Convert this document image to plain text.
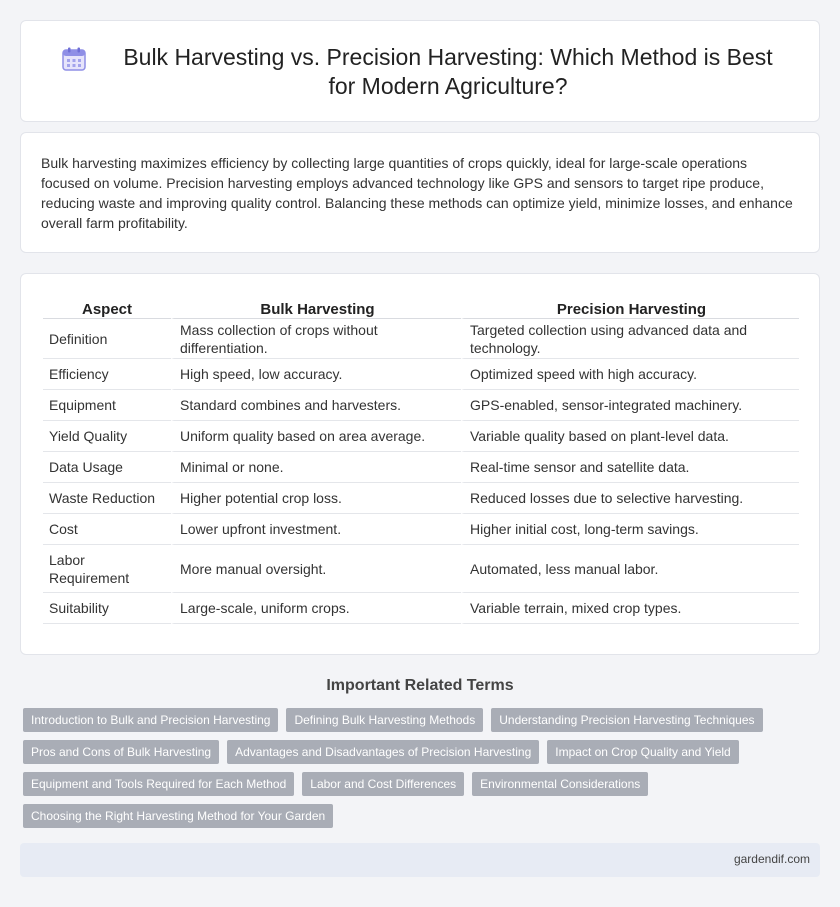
Bulk Harvesting vs. Precision Harvesting: Which Method is Best for Modern Agriculture?

Bulk harvesting maximizes efficiency by collecting large quantities of crops quickly, ideal for large-scale operations focused on volume. Precision harvesting employs advanced technology like GPS and sensors to target ripe produce, reducing waste and improving quality control. Balancing these methods can optimize yield, minimize losses, and enhance overall farm profitability.

Aspect	Bulk Harvesting	Precision Harvesting
Definition	Mass collection of crops without differentiation.	Targeted collection using advanced data and technology.
Efficiency	High speed, low accuracy.	Optimized speed with high accuracy.
Equipment	Standard combines and harvesters.	GPS-enabled, sensor-integrated machinery.
Yield Quality	Uniform quality based on area average.	Variable quality based on plant-level data.
Data Usage	Minimal or none.	Real-time sensor and satellite data.
Waste Reduction	Higher potential crop loss.	Reduced losses due to selective harvesting.
Cost	Lower upfront investment.	Higher initial cost, long-term savings.
Labor Requirement	More manual oversight.	Automated, less manual labor.
Suitability	Large-scale, uniform crops.	Variable terrain, mixed crop types.
Important Related Terms
Introduction to Bulk and Precision Harvesting	Defining Bulk Harvesting Methods	Understanding Precision Harvesting Techniques
Pros and Cons of Bulk Harvesting	Advantages and Disadvantages of Precision Harvesting	Impact on Crop Quality and Yield
Equipment and Tools Required for Each Method	Labor and Cost Differences	Environmental Considerations
Choosing the Right Harvesting Method for Your Garden
gardendif.com
